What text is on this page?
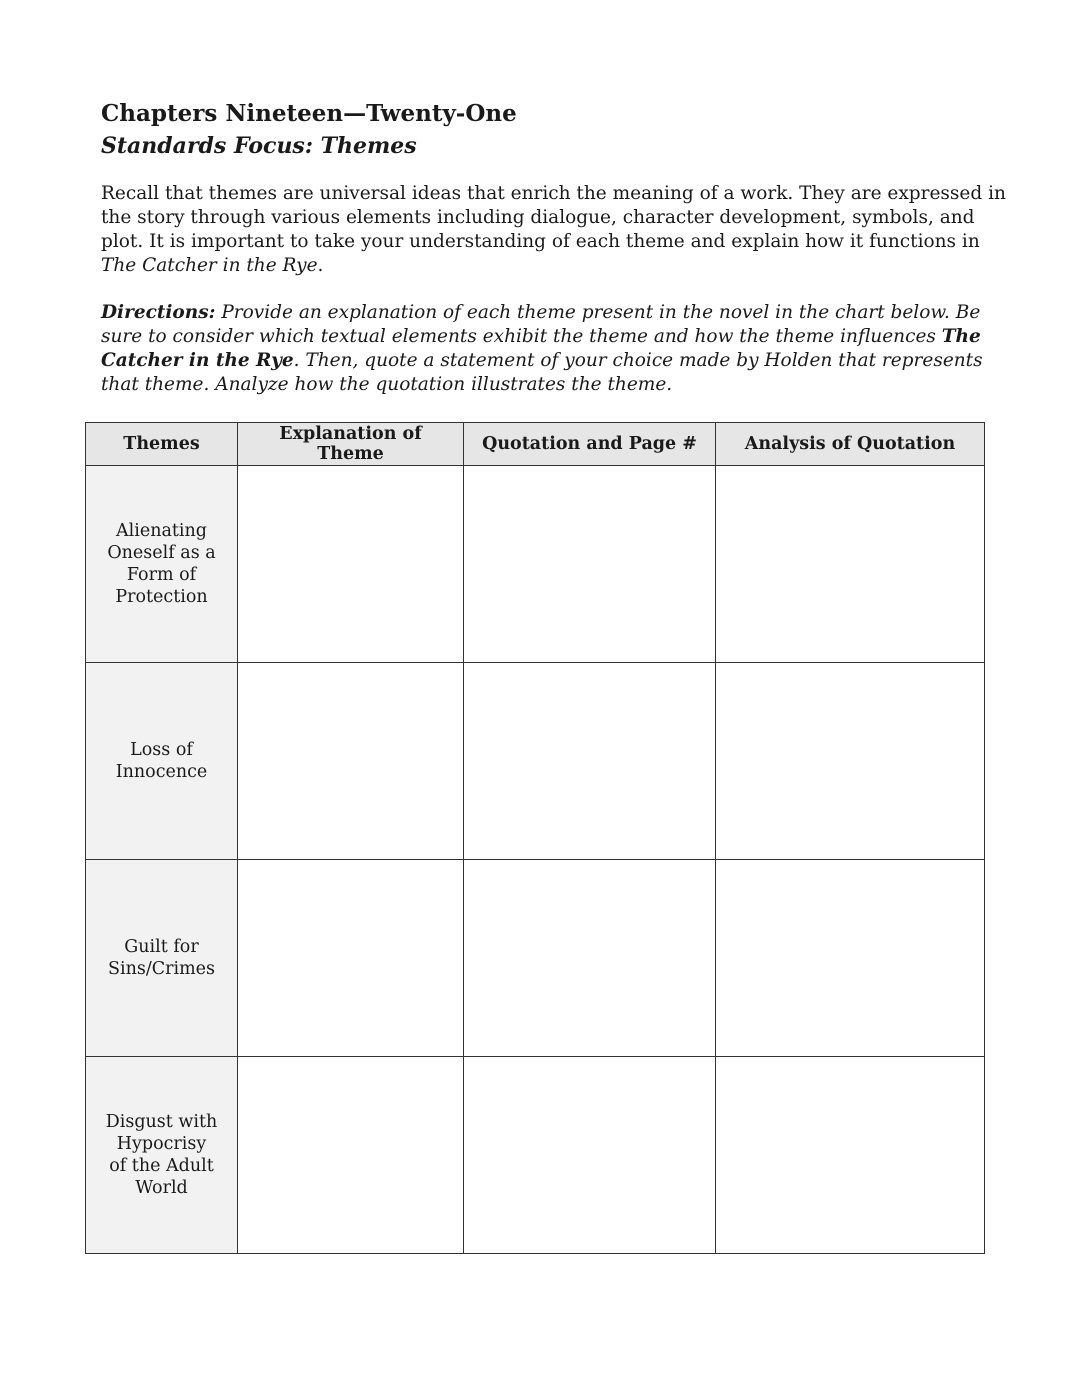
Chapters Nineteen—Twenty-One
Standards Focus: Themes

Recall that themes are universal ideas that enrich the meaning of a work. They are expressed in
the story through various elements including dialogue, character development, symbols, and
plot. It is important to take your understanding of each theme and explain how it functions in
The Catcher in the Rye.

Directions: Provide an explanation of each theme present in the novel in the chart below. Be
sure to consider which textual elements exhibit the theme and how the theme influences The
Catcher in the Rye. Then, quote a statement of your choice made by Holden that represents
that theme. Analyze how the quotation illustrates the theme.

Themes	Explanation of Theme	Quotation and Page #	Analysis of Quotation
Alienating Oneself as a Form of Protection			
Loss of Innocence			
Guilt for Sins/Crimes			
Disgust with Hypocrisy of the Adult World			
